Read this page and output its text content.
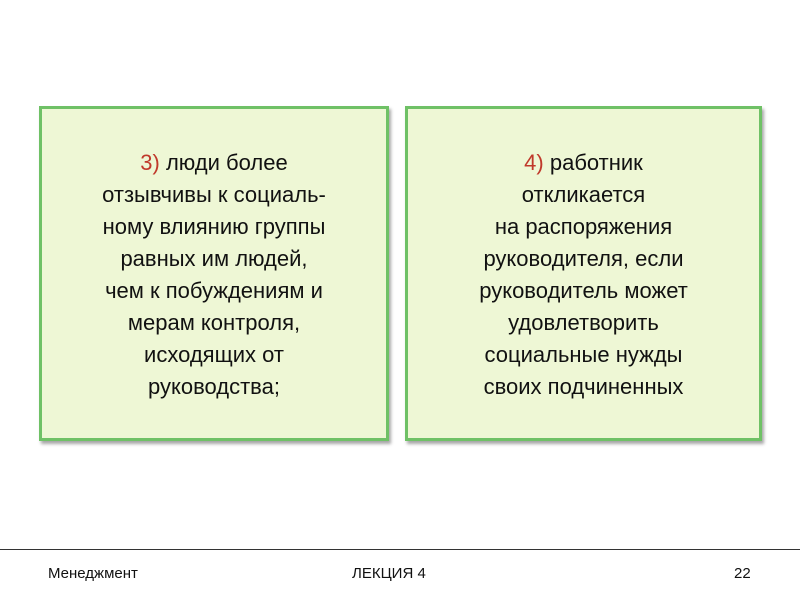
3) люди более
отзывчивы к социаль-
ному влиянию группы
равных им людей,
чем к побуждениям и
мерам контроля,
исходящих от
руководства;

4) работник
откликается
на распоряжения
руководителя, если
руководитель может
удовлетворить
социальные нужды
своих подчиненных

Менеджмент	ЛЕКЦИЯ 4	22
